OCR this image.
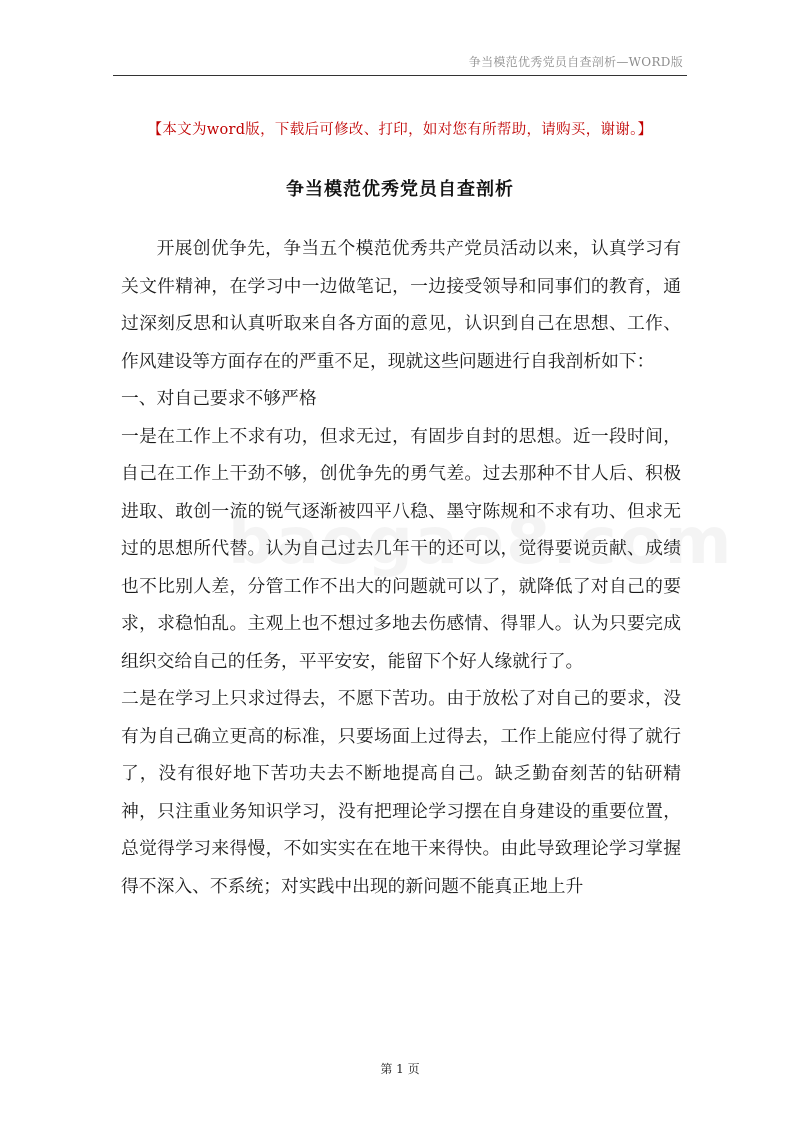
争当模范优秀党员自查剖析—WORD版
【本文为word版，下载后可修改、打印，如对您有所帮助，请购买，谢谢。】
争当模范优秀党员自查剖析

开展创优争先，争当五个模范优秀共产党员活动以来，认真学习有关文件精神，在学习中一边做笔记，一边接受领导和同事们的教育，通过深刻反思和认真听取来自各方面的意见，认识到自己在思想、工作、作风建设等方面存在的严重不足，现就这些问题进行自我剖析如下：

一、对自己要求不够严格

一是在工作上不求有功，但求无过，有固步自封的思想。近一段时间，自己在工作上干劲不够，创优争先的勇气差。过去那种不甘人后、积极进取、敢创一流的锐气逐渐被四平八稳、墨守陈规和不求有功、但求无过的思想所代替。认为自己过去几年干的还可以，觉得要说贡献、成绩也不比别人差，分管工作不出大的问题就可以了，就降低了对自己的要求，求稳怕乱。主观上也不想过多地去伤感情、得罪人。认为只要完成组织交给自己的任务，平平安安，能留下个好人缘就行了。

二是在学习上只求过得去，不愿下苦功。由于放松了对自己的要求，没有为自己确立更高的标准，只要场面上过得去，工作上能应付得了就行了，没有很好地下苦功夫去不断地提高自己。缺乏勤奋刻苦的钻研精神，只注重业务知识学习，没有把理论学习摆在自身建设的重要位置，总觉得学习来得慢，不如实实在在地干来得快。由此导致理论学习掌握得不深入、不系统；对实践中出现的新问题不能真正地上升

第 1 页
